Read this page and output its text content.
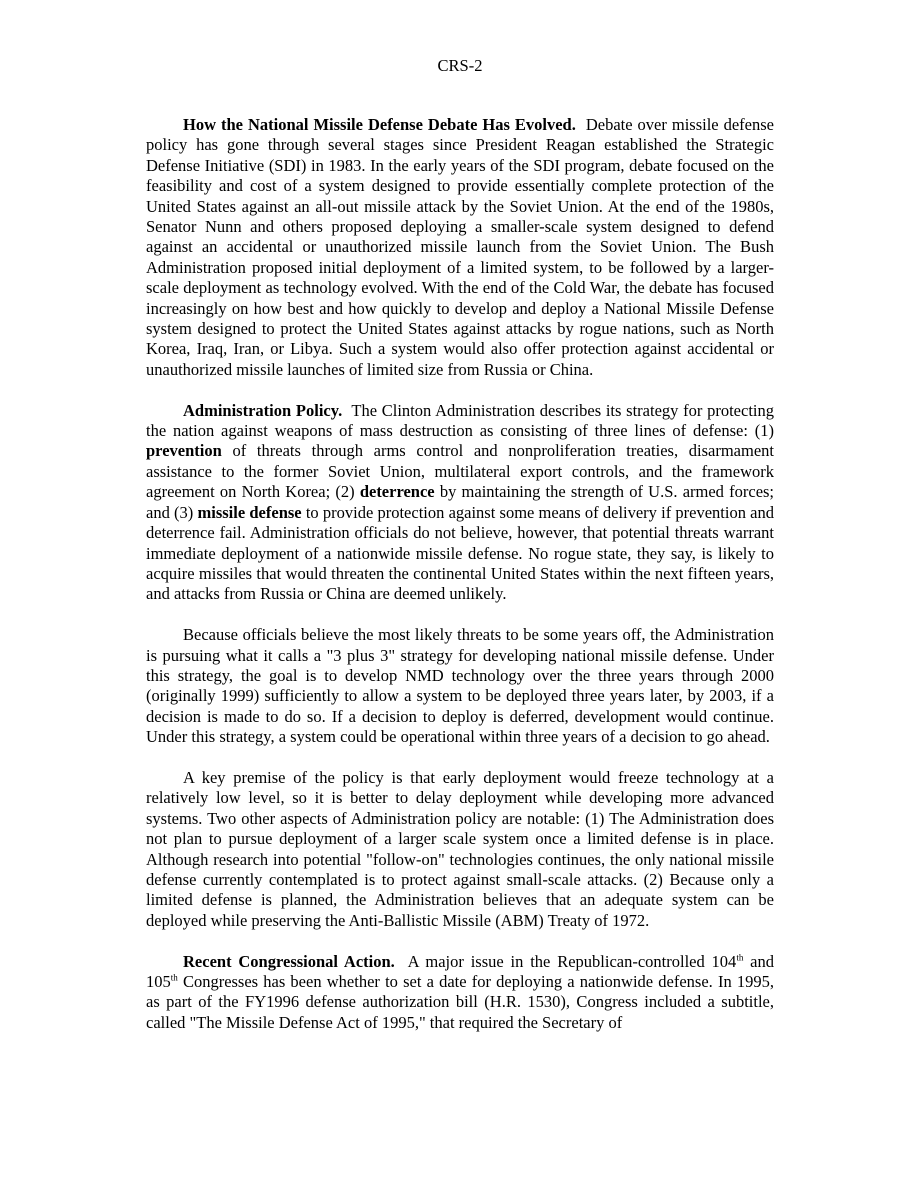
CRS-2

How the National Missile Defense Debate Has Evolved. Debate over missile defense policy has gone through several stages since President Reagan established the Strategic Defense Initiative (SDI) in 1983. In the early years of the SDI program, debate focused on the feasibility and cost of a system designed to provide essentially complete protection of the United States against an all-out missile attack by the Soviet Union. At the end of the 1980s, Senator Nunn and others proposed deploying a smaller-scale system designed to defend against an accidental or unauthorized missile launch from the Soviet Union. The Bush Administration proposed initial deployment of a limited system, to be followed by a larger-scale deployment as technology evolved. With the end of the Cold War, the debate has focused increasingly on how best and how quickly to develop and deploy a National Missile Defense system designed to protect the United States against attacks by rogue nations, such as North Korea, Iraq, Iran, or Libya. Such a system would also offer protection against accidental or unauthorized missile launches of limited size from Russia or China.

Administration Policy. The Clinton Administration describes its strategy for protecting the nation against weapons of mass destruction as consisting of three lines of defense: (1) prevention of threats through arms control and nonproliferation treaties, disarmament assistance to the former Soviet Union, multilateral export controls, and the framework agreement on North Korea; (2) deterrence by maintaining the strength of U.S. armed forces; and (3) missile defense to provide protection against some means of delivery if prevention and deterrence fail. Administration officials do not believe, however, that potential threats warrant immediate deployment of a nationwide missile defense. No rogue state, they say, is likely to acquire missiles that would threaten the continental United States within the next fifteen years, and attacks from Russia or China are deemed unlikely.

Because officials believe the most likely threats to be some years off, the Administration is pursuing what it calls a "3 plus 3" strategy for developing national missile defense. Under this strategy, the goal is to develop NMD technology over the three years through 2000 (originally 1999) sufficiently to allow a system to be deployed three years later, by 2003, if a decision is made to do so. If a decision to deploy is deferred, development would continue. Under this strategy, a system could be operational within three years of a decision to go ahead.

A key premise of the policy is that early deployment would freeze technology at a relatively low level, so it is better to delay deployment while developing more advanced systems. Two other aspects of Administration policy are notable: (1) The Administration does not plan to pursue deployment of a larger scale system once a limited defense is in place. Although research into potential "follow-on" technologies continues, the only national missile defense currently contemplated is to protect against small-scale attacks. (2) Because only a limited defense is planned, the Administration believes that an adequate system can be deployed while preserving the Anti-Ballistic Missile (ABM) Treaty of 1972.

Recent Congressional Action. A major issue in the Republican-controlled 104th and 105th Congresses has been whether to set a date for deploying a nationwide defense. In 1995, as part of the FY1996 defense authorization bill (H.R. 1530), Congress included a subtitle, called "The Missile Defense Act of 1995," that required the Secretary of
